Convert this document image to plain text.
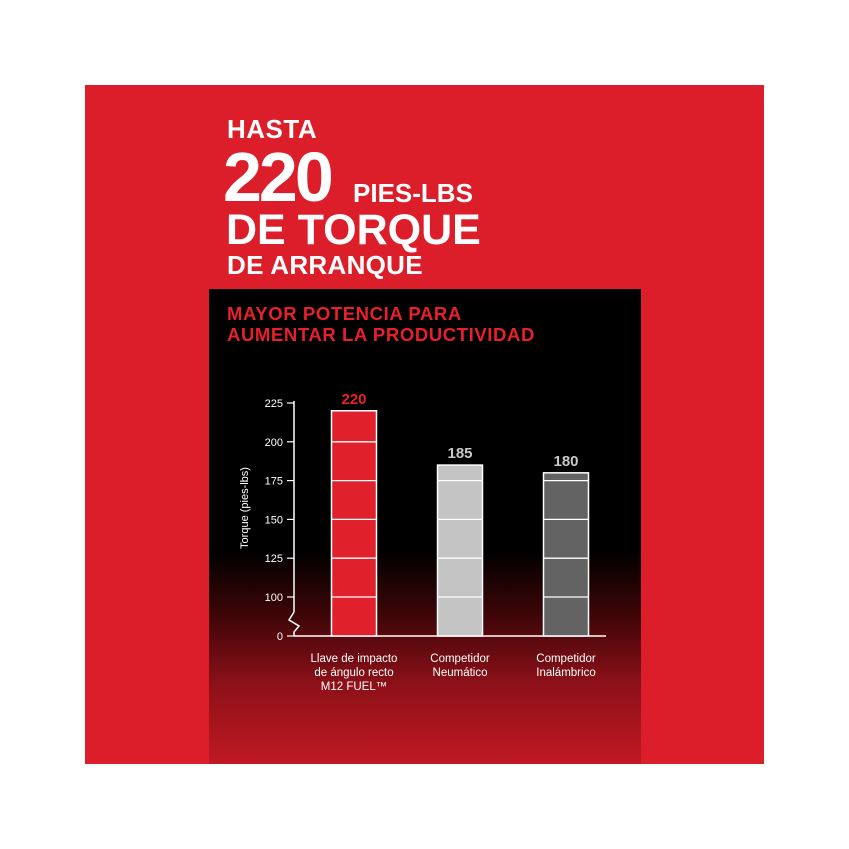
HASTA
220 PIES-LBS
DE TORQUE
DE ARRANQUE
MAYOR POTENCIA PARA
AUMENTAR LA PRODUCTIVIDAD
0
100
125
150
175
200
225
Torque (pies-lbs)
220
Llave de impacto
de ángulo recto
M12 FUEL™
185
Competidor
Neumático
180
Competidor
Inalámbrico
